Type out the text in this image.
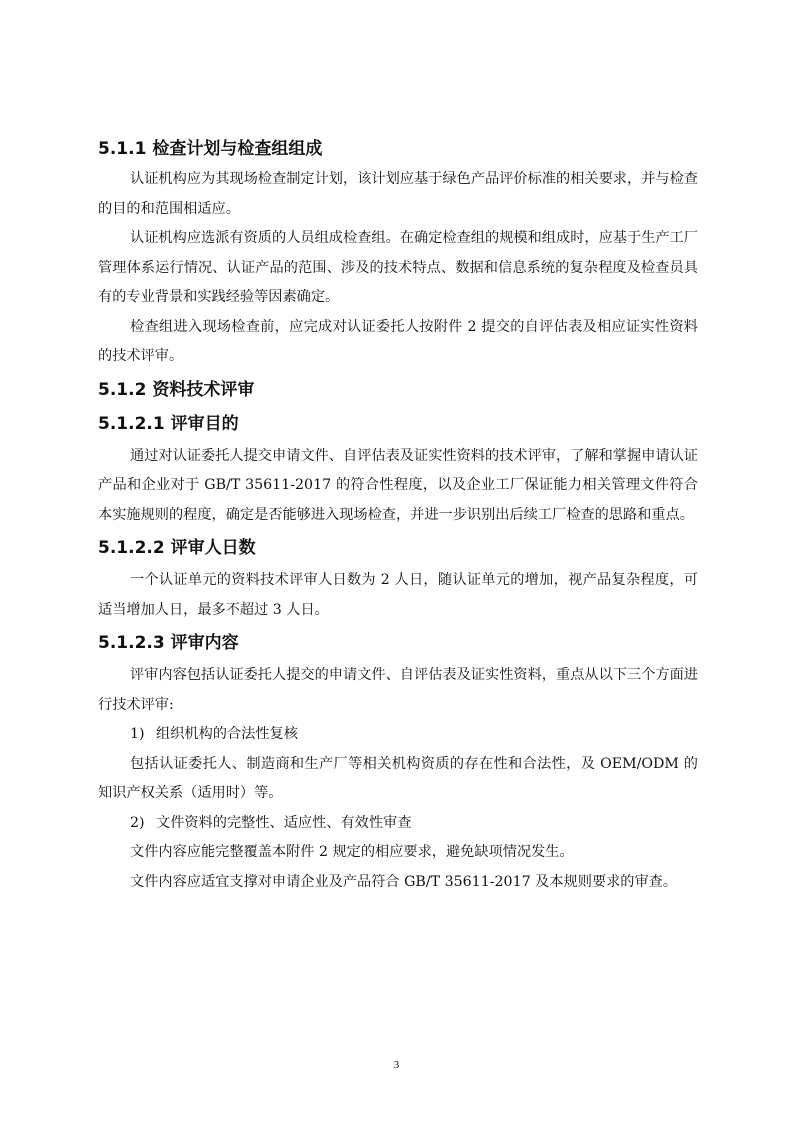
5.1.1 检查计划与检查组组成

认证机构应为其现场检查制定计划，该计划应基于绿色产品评价标准的相关要求，并与检查的目的和范围相适应。

认证机构应选派有资质的人员组成检查组。在确定检查组的规模和组成时，应基于生产工厂管理体系运行情况、认证产品的范围、涉及的技术特点、数据和信息系统的复杂程度及检查员具有的专业背景和实践经验等因素确定。

检查组进入现场检查前，应完成对认证委托人按附件 2 提交的自评估表及相应证实性资料的技术评审。

5.1.2 资料技术评审
5.1.2.1 评审目的

通过对认证委托人提交申请文件、自评估表及证实性资料的技术评审，了解和掌握申请认证产品和企业对于 GB/T 35611-2017 的符合性程度，以及企业工厂保证能力相关管理文件符合本实施规则的程度，确定是否能够进入现场检查，并进一步识别出后续工厂检查的思路和重点。

5.1.2.2 评审人日数

一个认证单元的资料技术评审人日数为 2 人日，随认证单元的增加，视产品复杂程度，可适当增加人日，最多不超过 3 人日。

5.1.2.3 评审内容

评审内容包括认证委托人提交的申请文件、自评估表及证实性资料，重点从以下三个方面进行技术评审:

1) 组织机构的合法性复核

包括认证委托人、制造商和生产厂等相关机构资质的存在性和合法性，及 OEM/ODM 的知识产权关系（适用时）等。

2) 文件资料的完整性、适应性、有效性审查

文件内容应能完整覆盖本附件 2 规定的相应要求，避免缺项情况发生。

文件内容应适宜支撑对申请企业及产品符合 GB/T 35611-2017 及本规则要求的审查。

3
